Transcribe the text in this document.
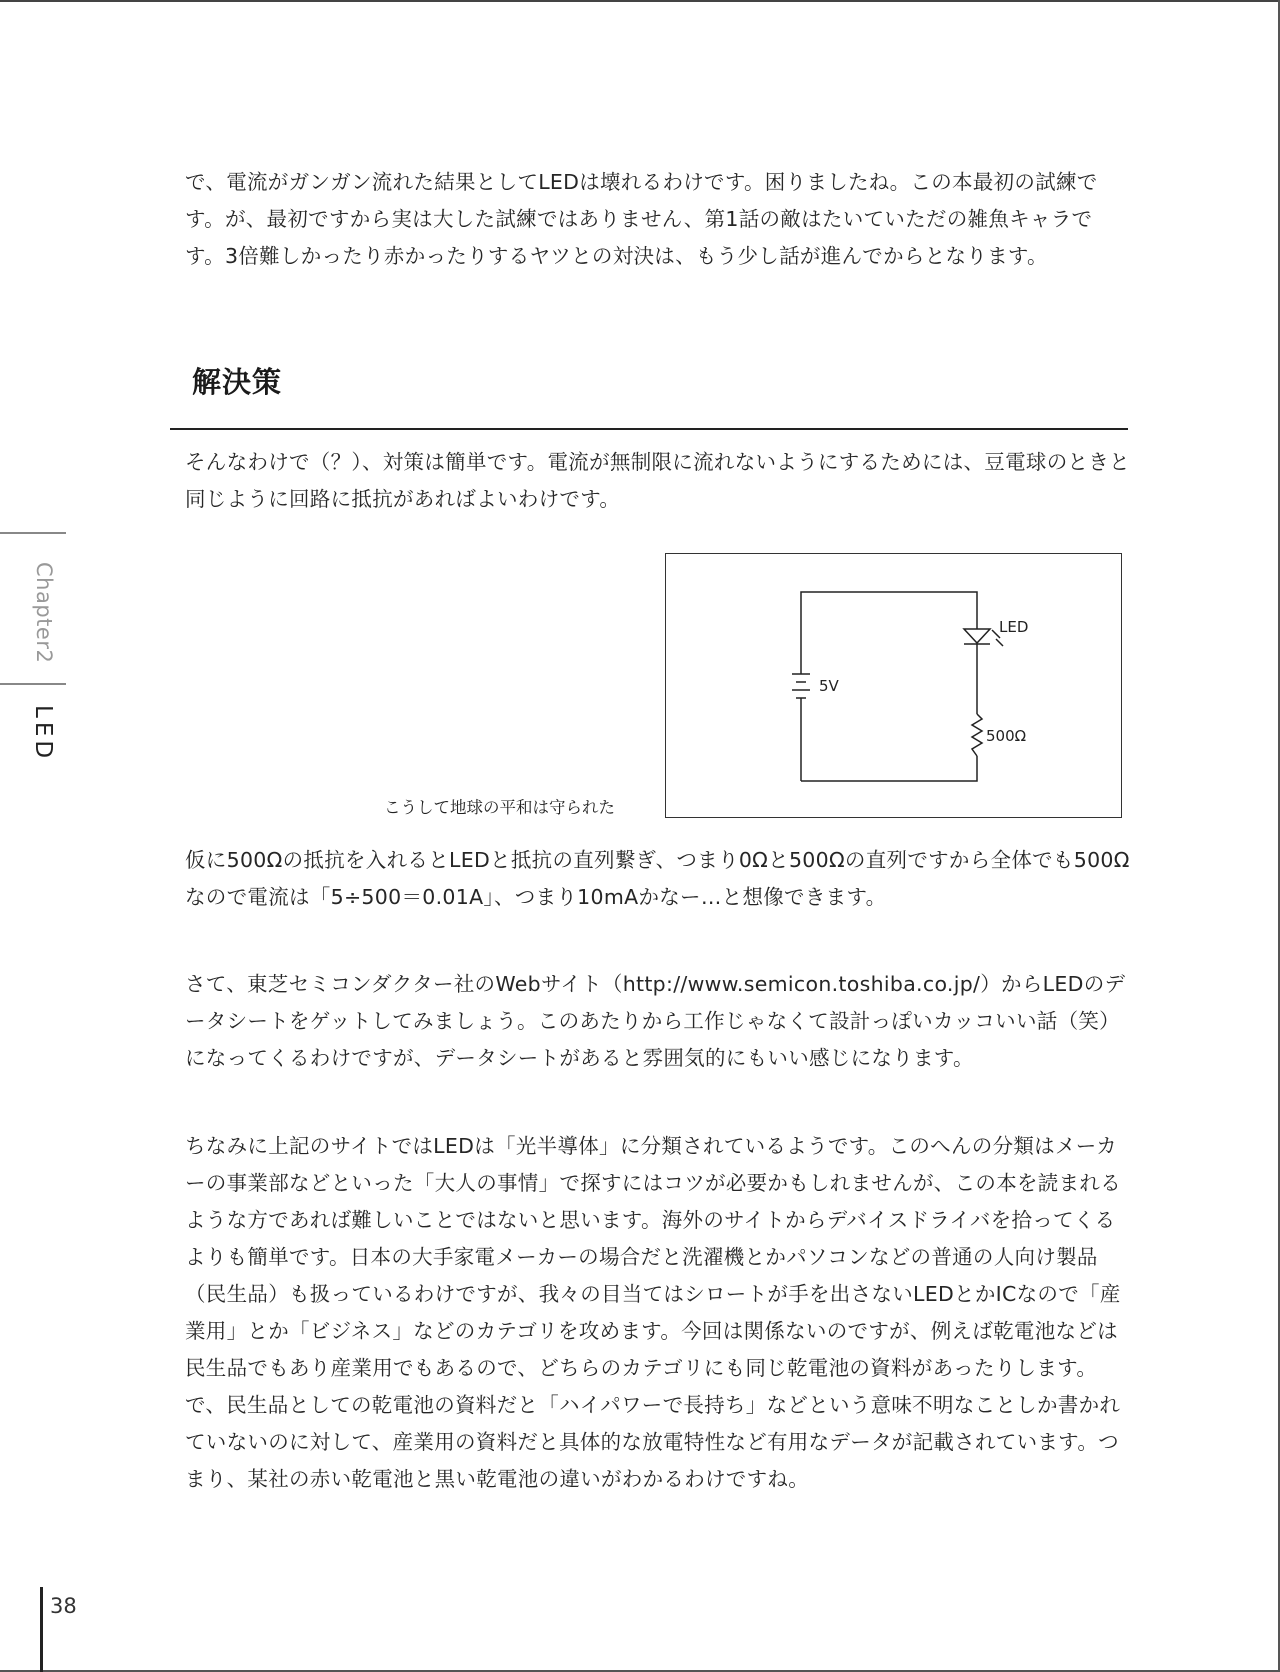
で、電流がガンガン流れた結果としてLEDは壊れるわけです。困りましたね。この本最初の試練です。が、最初ですから実は大した試練ではありません、第1話の敵はたいていただの雑魚キャラです。3倍難しかったり赤かったりするヤツとの対決は、もう少し話が進んでからとなります。

解決策

そんなわけで（？）、対策は簡単です。電流が無制限に流れないようにするためには、豆電球のときと同じように回路に抵抗があればよいわけです。

5V
LED
500Ω

こうして地球の平和は守られた

仮に500Ωの抵抗を入れるとLEDと抵抗の直列繋ぎ、つまり0Ωと500Ωの直列ですから全体でも500Ωなので電流は「5÷500＝0.01A」、つまり10mAかなー…と想像できます。

さて、東芝セミコンダクター社のWebサイト（http://www.semicon.toshiba.co.jp/）からLEDのデータシートをゲットしてみましょう。このあたりから工作じゃなくて設計っぽいカッコいい話（笑）になってくるわけですが、データシートがあると雰囲気的にもいい感じになります。

ちなみに上記のサイトではLEDは「光半導体」に分類されているようです。このへんの分類はメーカーの事業部などといった「大人の事情」で探すにはコツが必要かもしれませんが、この本を読まれるような方であれば難しいことではないと思います。海外のサイトからデバイスドライバを拾ってくるよりも簡単です。日本の大手家電メーカーの場合だと洗濯機とかパソコンなどの普通の人向け製品（民生品）も扱っているわけですが、我々の目当てはシロートが手を出さないLEDとかICなので「産業用」とか「ビジネス」などのカテゴリを攻めます。今回は関係ないのですが、例えば乾電池などは民生品でもあり産業用でもあるので、どちらのカテゴリにも同じ乾電池の資料があったりします。で、民生品としての乾電池の資料だと「ハイパワーで長持ち」などという意味不明なことしか書かれていないのに対して、産業用の資料だと具体的な放電特性など有用なデータが記載されています。つまり、某社の赤い乾電池と黒い乾電池の違いがわかるわけですね。

Chapter2
LED

38
